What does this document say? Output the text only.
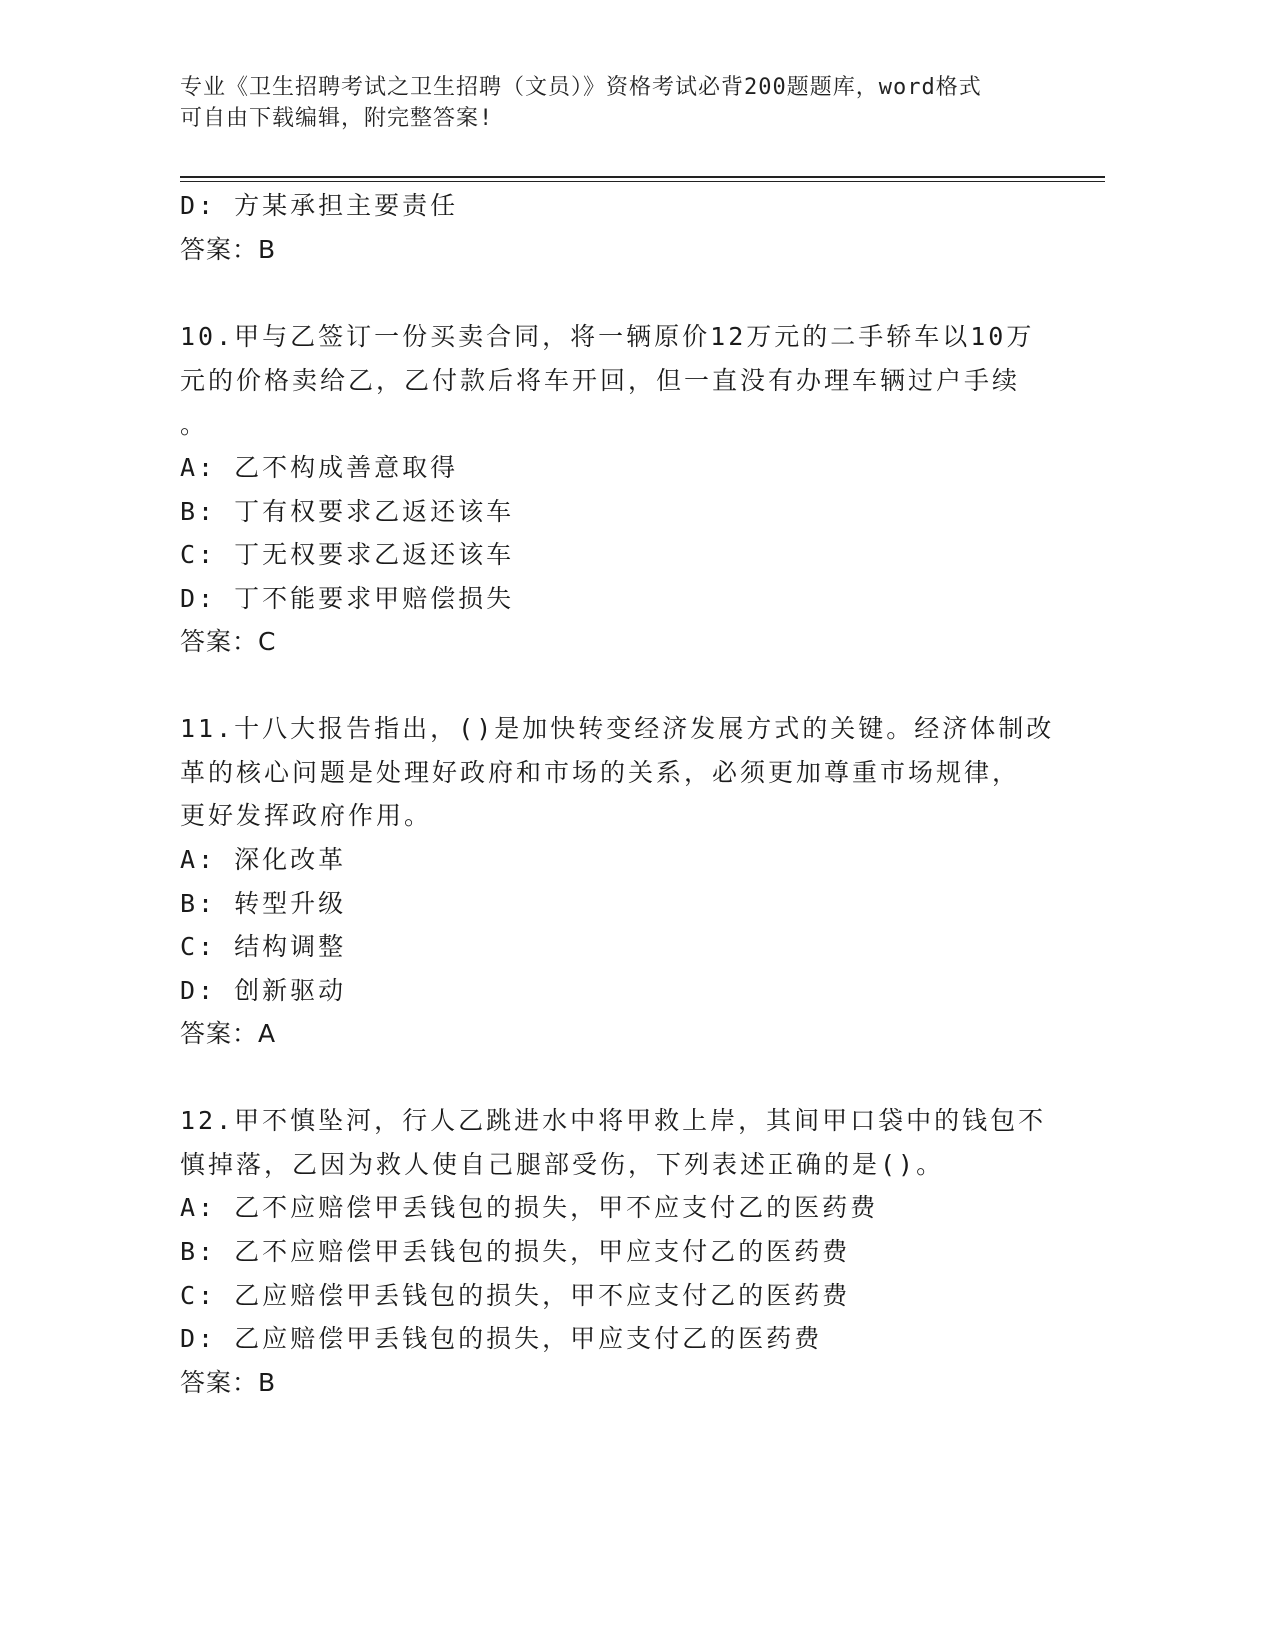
专业《卫生招聘考试之卫生招聘（文员）》资格考试必背200题题库，word格式
可自由下载编辑，附完整答案!
D: 方某承担主要责任
答案：B
10.甲与乙签订一份买卖合同，将一辆原价12万元的二手轿车以10万
元的价格卖给乙，乙付款后将车开回，但一直没有办理车辆过户手续
。
A: 乙不构成善意取得
B: 丁有权要求乙返还该车
C: 丁无权要求乙返还该车
D: 丁不能要求甲赔偿损失
答案：C
11.十八大报告指出，()是加快转变经济发展方式的关键。经济体制改
革的核心问题是处理好政府和市场的关系，必须更加尊重市场规律，
更好发挥政府作用。
A: 深化改革
B: 转型升级
C: 结构调整
D: 创新驱动
答案：A
12.甲不慎坠河，行人乙跳进水中将甲救上岸，其间甲口袋中的钱包不
慎掉落，乙因为救人使自己腿部受伤，下列表述正确的是()。
A: 乙不应赔偿甲丢钱包的损失，甲不应支付乙的医药费
B: 乙不应赔偿甲丢钱包的损失，甲应支付乙的医药费
C: 乙应赔偿甲丢钱包的损失，甲不应支付乙的医药费
D: 乙应赔偿甲丢钱包的损失，甲应支付乙的医药费
答案：B
